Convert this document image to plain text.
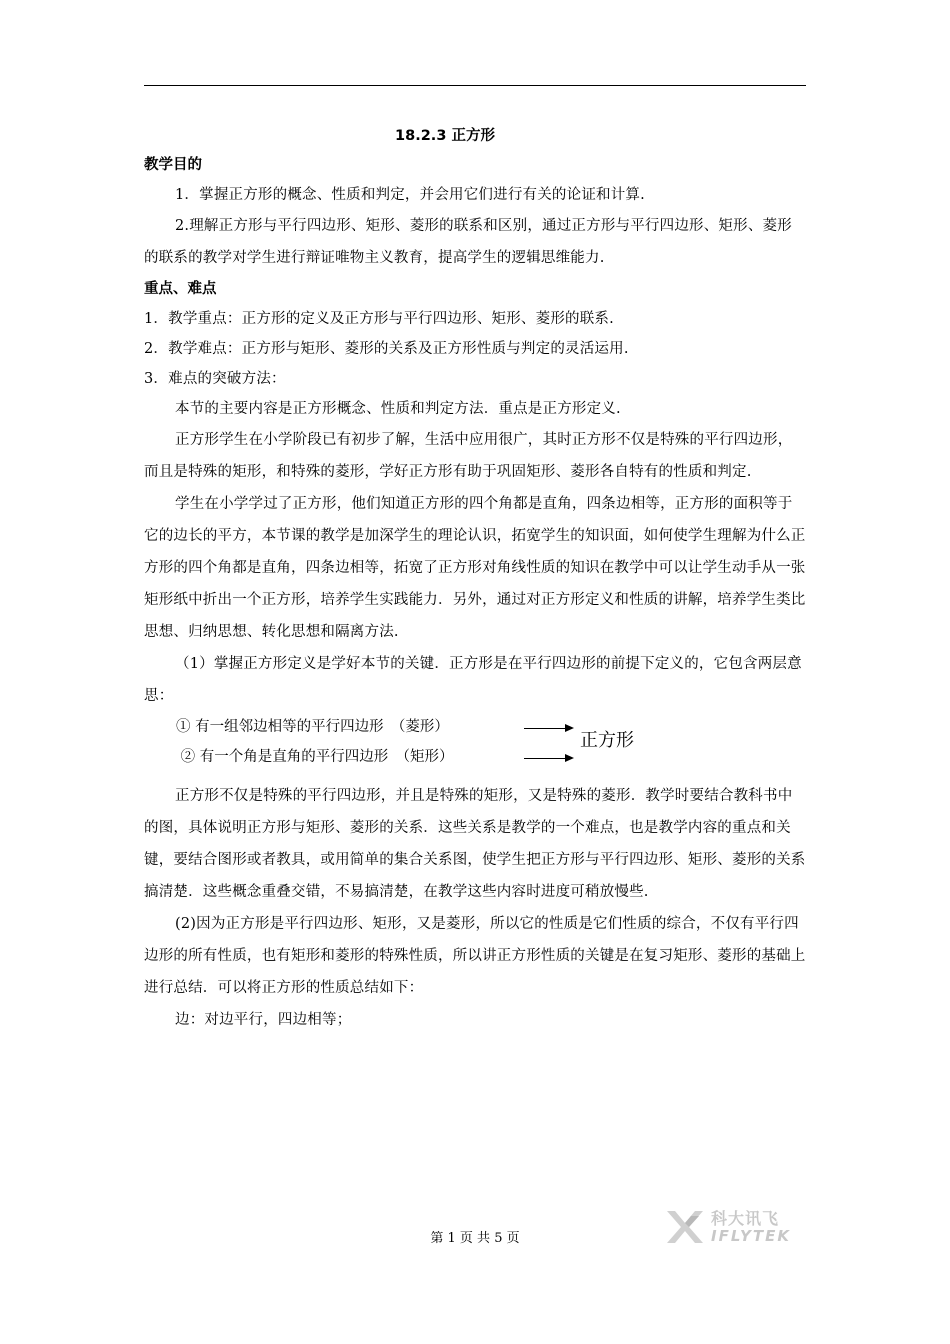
18.2.3 正方形
教学目的

1．掌握正方形的概念、性质和判定，并会用它们进行有关的论证和计算.

2.理解正方形与平行四边形、矩形、菱形的联系和区别，通过正方形与平行四边形、矩形、菱形的联系的教学对学生进行辩证唯物主义教育，提高学生的逻辑思维能力.

重点、难点

1．教学重点：正方形的定义及正方形与平行四边形、矩形、菱形的联系.

2．教学难点：正方形与矩形、菱形的关系及正方形性质与判定的灵活运用.

3．难点的突破方法：

本节的主要内容是正方形概念、性质和判定方法．重点是正方形定义.

正方形学生在小学阶段已有初步了解，生活中应用很广，其时正方形不仅是特殊的平行四边形，而且是特殊的矩形，和特殊的菱形，学好正方形有助于巩固矩形、菱形各自特有的性质和判定.

学生在小学学过了正方形，他们知道正方形的四个角都是直角，四条边相等，正方形的面积等于它的边长的平方，本节课的教学是加深学生的理论认识，拓宽学生的知识面，如何使学生理解为什么正方形的四个角都是直角，四条边相等，拓宽了正方形对角线性质的知识在教学中可以让学生动手从一张矩形纸中折出一个正方形，培养学生实践能力．另外，通过对正方形定义和性质的讲解，培养学生类比思想、归纳思想、转化思想和隔离方法.

（1）掌握正方形定义是学好本节的关键．正方形是在平行四边形的前提下定义的，它包含两层意思：

① 有一组邻边相等的平行四边形　（菱形）
② 有一个角是直角的平行四边形　（矩形）
正方形

正方形不仅是特殊的平行四边形，并且是特殊的矩形，又是特殊的菱形．教学时要结合教科书中的图，具体说明正方形与矩形、菱形的关系．这些关系是教学的一个难点，也是教学内容的重点和关键，要结合图形或者教具，或用简单的集合关系图，使学生把正方形与平行四边形、矩形、菱形的关系搞清楚．这些概念重叠交错，不易搞清楚，在教学这些内容时进度可稍放慢些.

(2)因为正方形是平行四边形、矩形，又是菱形，所以它的性质是它们性质的综合，不仅有平行四边形的所有性质，也有矩形和菱形的特殊性质，所以讲正方形性质的关键是在复习矩形、菱形的基础上进行总结．可以将正方形的性质总结如下：

边：对边平行，四边相等；

科大讯飞
IFLYTEK
第 1 页 共 5 页
